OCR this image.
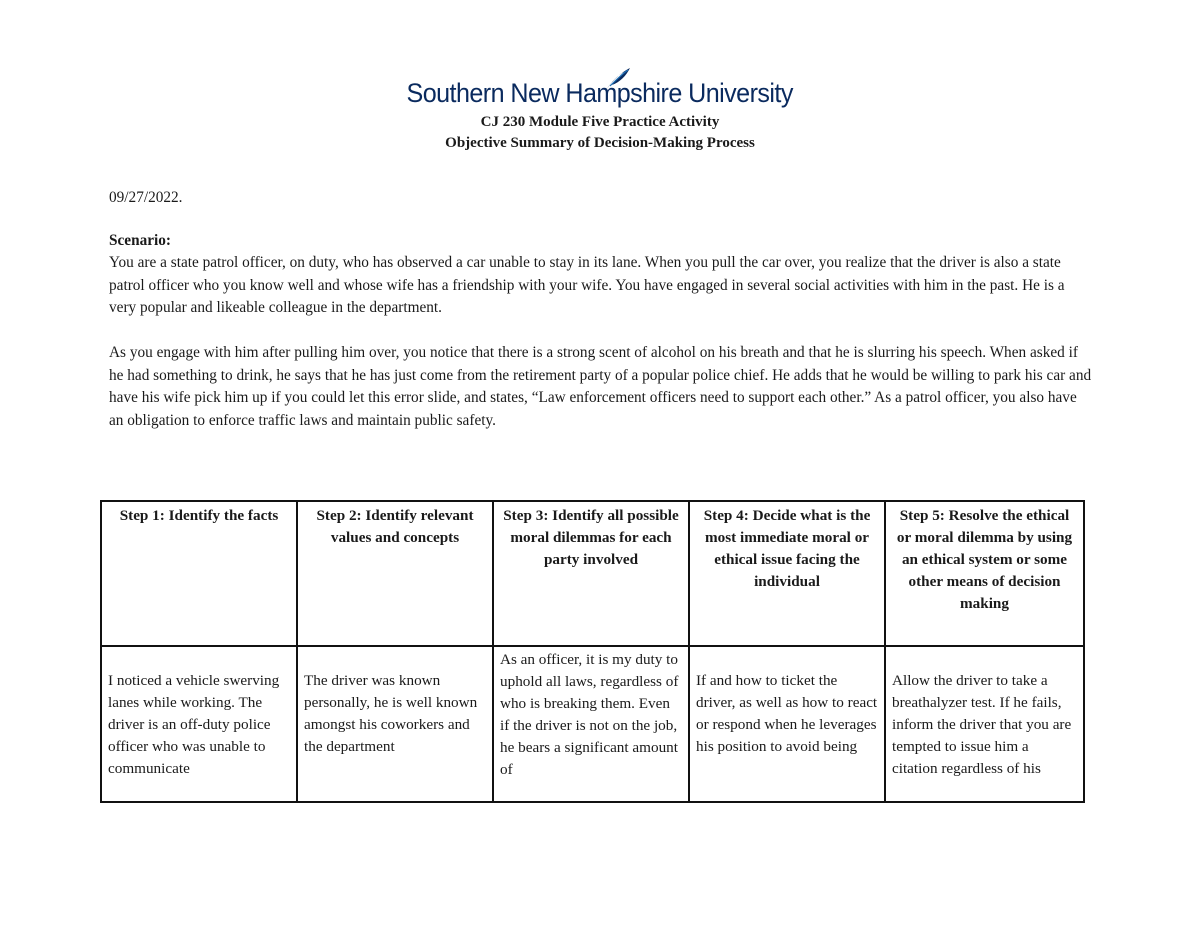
Southern New Hampshire University
CJ 230 Module Five Practice Activity
Objective Summary of Decision-Making Process
09/27/2022.
Scenario:
You are a state patrol officer, on duty, who has observed a car unable to stay in its lane. When you pull the car over, you realize that the driver is also a state patrol officer who you know well and whose wife has a friendship with your wife. You have engaged in several social activities with him in the past. He is a very popular and likeable colleague in the department.
As you engage with him after pulling him over, you notice that there is a strong scent of alcohol on his breath and that he is slurring his speech. When asked if he had something to drink, he says that he has just come from the retirement party of a popular police chief. He adds that he would be willing to park his car and have his wife pick him up if you could let this error slide, and states, “Law enforcement officers need to support each other.” As a patrol officer, you also have an obligation to enforce traffic laws and maintain public safety.
Step 1: Identify the facts	Step 2: Identify relevant values and concepts	Step 3: Identify all possible moral dilemmas for each party involved	Step 4: Decide what is the most immediate moral or ethical issue facing the individual	Step 5: Resolve the ethical or moral dilemma by using an ethical system or some other means of decision making

I noticed a vehicle swerving lanes while working. The driver is an off-duty police officer who was unable to communicate	The driver was known personally, he is well known amongst his coworkers and the department	As an officer, it is my duty to uphold all laws, regardless of who is breaking them. Even if the driver is not on the job, he bears a significant amount of	If and how to ticket the driver, as well as how to react or respond when he leverages his position to avoid being	Allow the driver to take a breathalyzer test. If he fails, inform the driver that you are tempted to issue him a citation regardless of his
